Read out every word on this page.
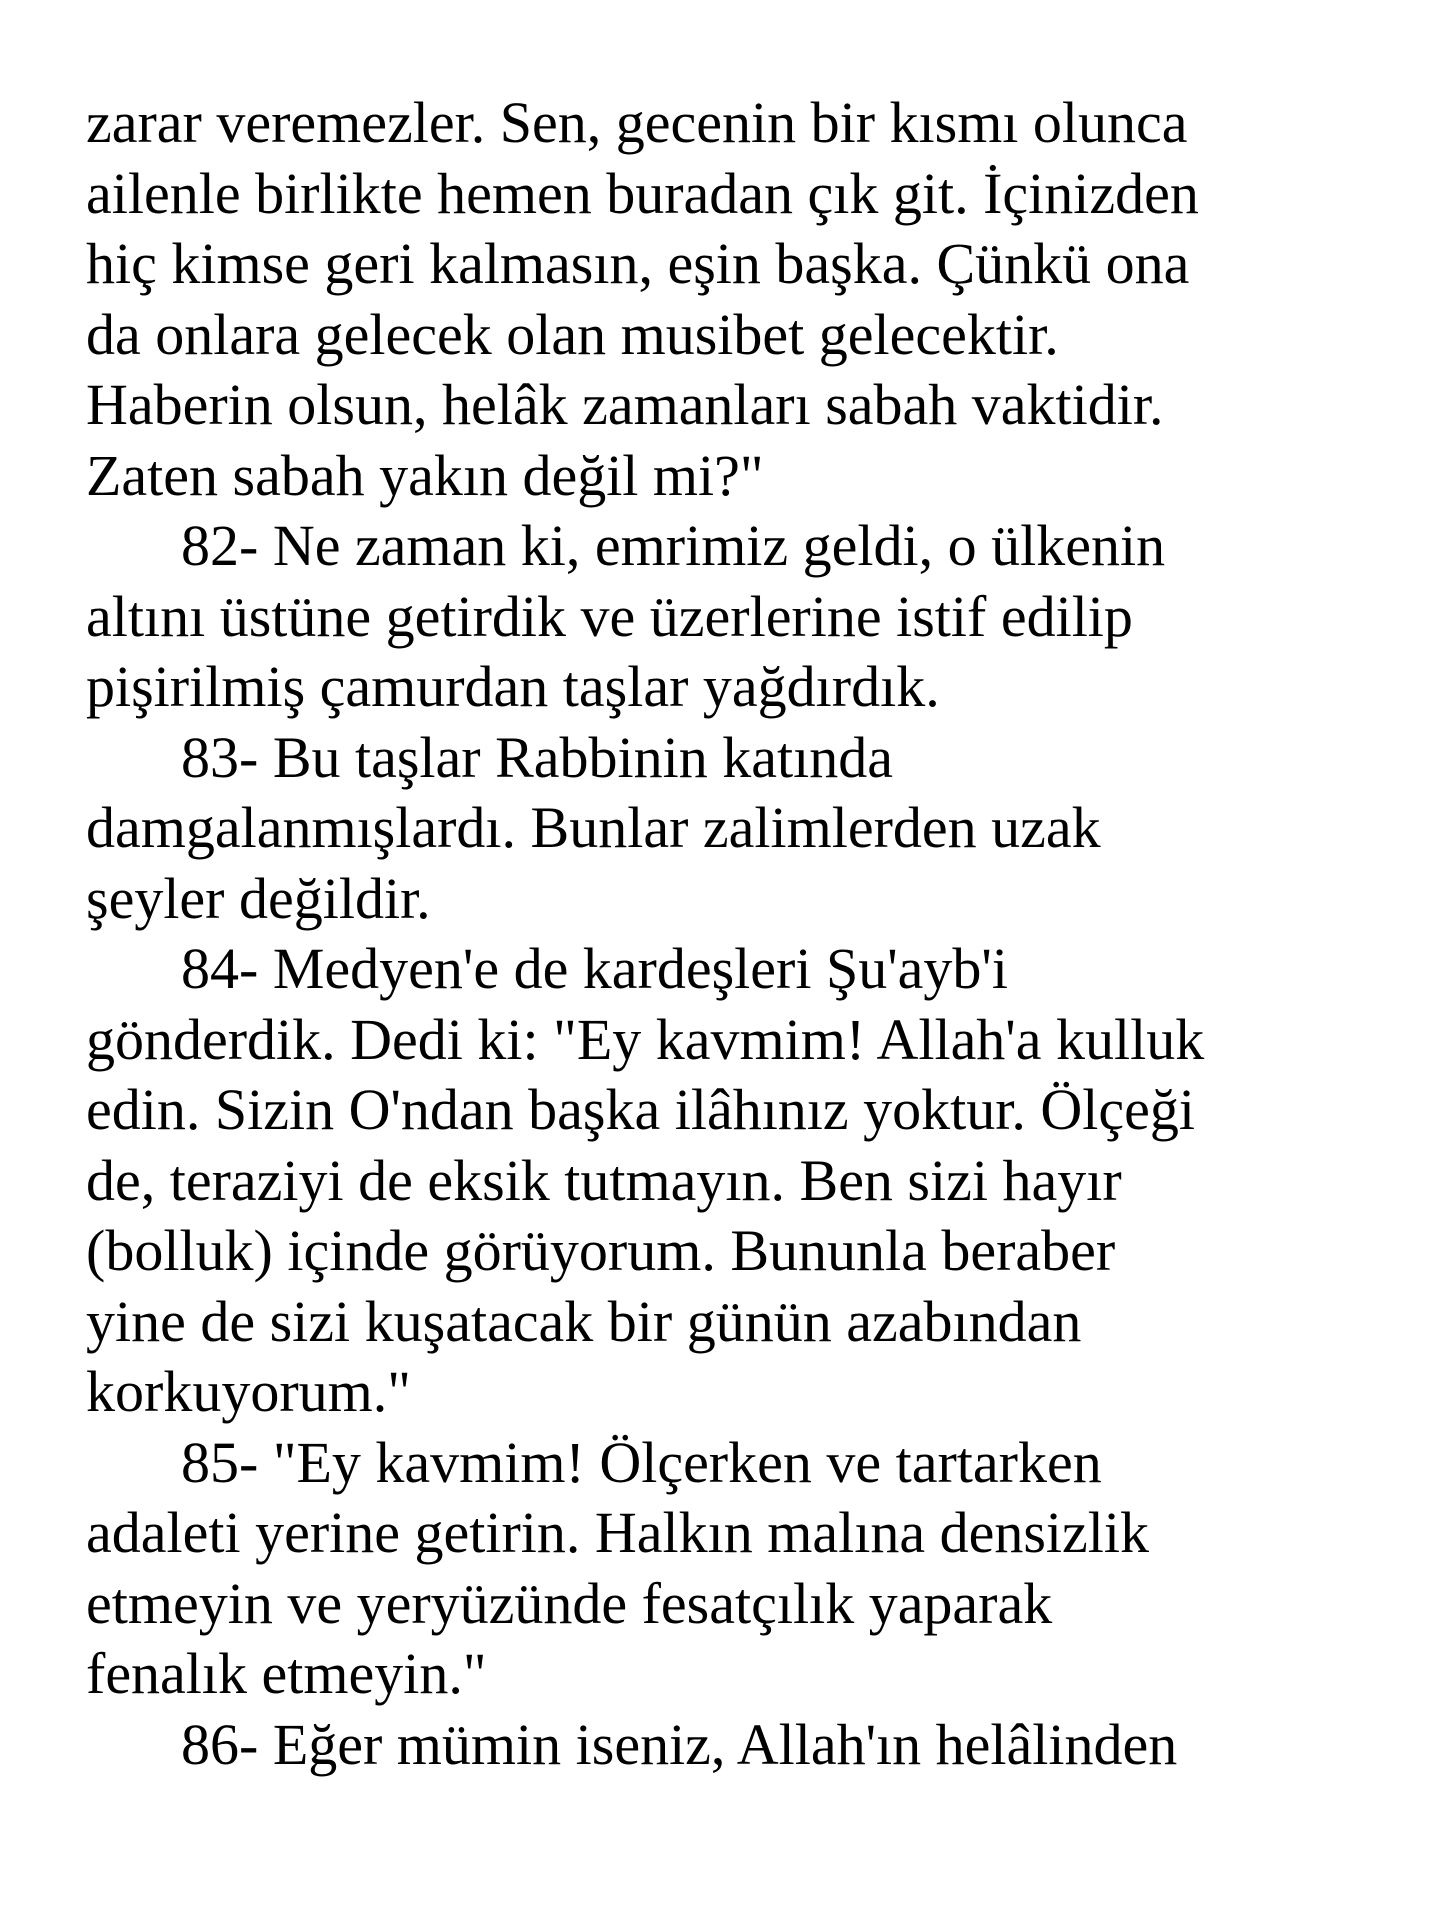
zarar veremezler. Sen, gecenin bir kısmı olunca
ailenle birlikte hemen buradan çık git. İçinizden
hiç kimse geri kalmasın, eşin başka. Çünkü ona
da onlara gelecek olan musibet gelecektir.
Haberin olsun, helâk zamanları sabah vaktidir.
Zaten sabah yakın değil mi?"
82- Ne zaman ki, emrimiz geldi, o ülkenin
altını üstüne getirdik ve üzerlerine istif edilip
pişirilmiş çamurdan taşlar yağdırdık.
83- Bu taşlar Rabbinin katında
damgalanmışlardı. Bunlar zalimlerden uzak
şeyler değildir.
84- Medyen'e de kardeşleri Şu'ayb'i
gönderdik. Dedi ki: "Ey kavmim! Allah'a kulluk
edin. Sizin O'ndan başka ilâhınız yoktur. Ölçeği
de, teraziyi de eksik tutmayın. Ben sizi hayır
(bolluk) içinde görüyorum. Bununla beraber
yine de sizi kuşatacak bir günün azabından
korkuyorum."
85- "Ey kavmim! Ölçerken ve tartarken
adaleti yerine getirin. Halkın malına densizlik
etmeyin ve yeryüzünde fesatçılık yaparak
fenalık etmeyin."
86- Eğer mümin iseniz, Allah'ın helâlinden
